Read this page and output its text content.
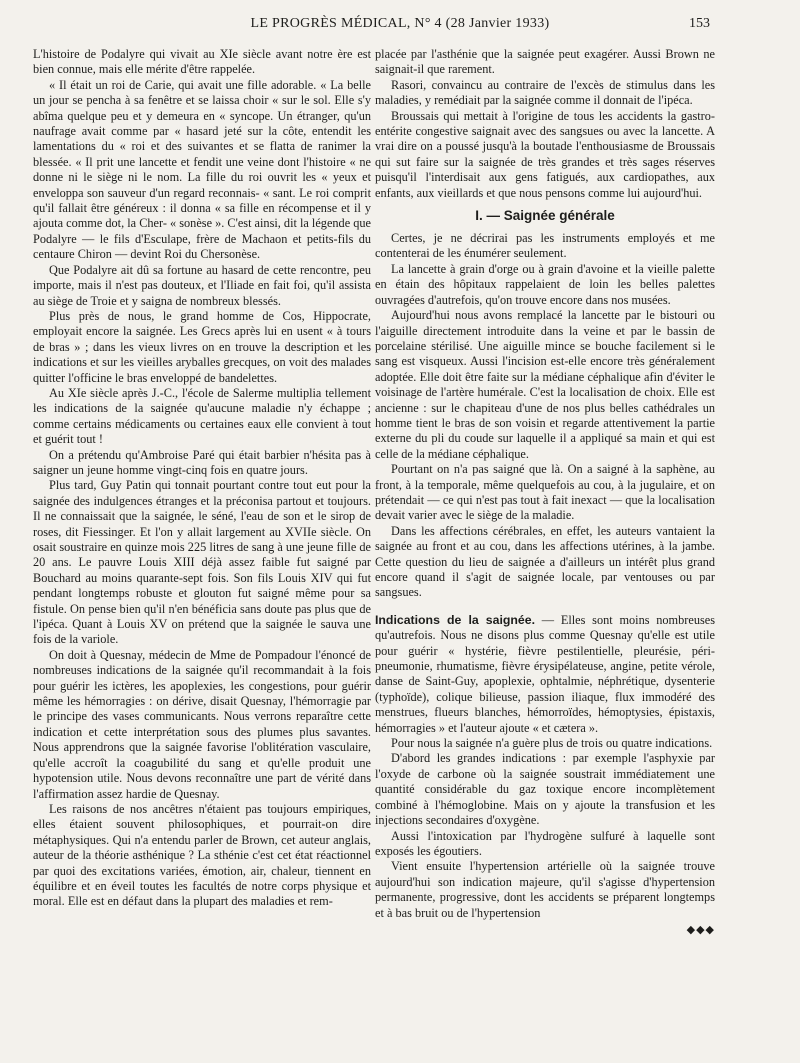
LE PROGRÈS MÉDICAL, N° 4 (28 Janvier 1933)	153

L'histoire de Podalyre qui vivait au XIe siècle avant notre ère est bien connue, mais elle mérite d'être rappelée.

« Il était un roi de Carie, qui avait une fille adorable. « La belle un jour se pencha à sa fenêtre et se laissa choir « sur le sol. Elle s'y abîma quelque peu et y demeura en « syncope. Un étranger, qu'un naufrage avait comme par « hasard jeté sur la côte, entendit les lamentations du « roi et des suivantes et se flatta de ranimer la blessée. « Il prit une lancette et fendit une veine dont l'histoire « ne donne ni le siège ni le nom. La fille du roi ouvrit les « yeux et enveloppa son sauveur d'un regard reconnais- « sant. Le roi comprit qu'il fallait être généreux : il donna « sa fille en récompense et il y ajouta comme dot, la Cher- « sonèse ». C'est ainsi, dit la légende que Podalyre — le fils d'Esculape, frère de Machaon et petits-fils du centaure Chiron — devint Roi du Chersonèse.

Que Podalyre ait dû sa fortune au hasard de cette rencontre, peu importe, mais il n'est pas douteux, et l'Iliade en fait foi, qu'il assista au siège de Troie et y saigna de nombreux blessés.

Plus près de nous, le grand homme de Cos, Hippocrate, employait encore la saignée. Les Grecs après lui en usent « à tours de bras » ; dans les vieux livres on en trouve la description et les indications et sur les vieilles aryballes grecques, on voit des malades quitter l'officine le bras enveloppé de bandelettes.

Au XIe siècle après J.-C., l'école de Salerme multiplia tellement les indications de la saignée qu'aucune maladie n'y échappe ; comme certains médicaments ou certaines eaux elle convient à tout et guérit tout !

On a prétendu qu'Ambroise Paré qui était barbier n'hésita pas à saigner un jeune homme vingt-cinq fois en quatre jours.

Plus tard, Guy Patin qui tonnait pourtant contre tout eut pour la saignée des indulgences étranges et la préconisa partout et toujours. Il ne connaissait que la saignée, le séné, l'eau de son et le sirop de roses, dit Fiessinger. Et l'on y allait largement au XVIIe siècle. On osait soustraire en quinze mois 225 litres de sang à une jeune fille de 20 ans. Le pauvre Louis XIII déjà assez faible fut saigné par Bouchard au moins quarante-sept fois. Son fils Louis XIV qui fut pendant longtemps robuste et glouton fut saigné même pour sa fistule. On pense bien qu'il n'en bénéficia sans doute pas plus que de l'ipéca. Quant à Louis XV on prétend que la saignée le sauva une fois de la variole.

On doit à Quesnay, médecin de Mme de Pompadour l'énoncé de nombreuses indications de la saignée qu'il recommandait à la fois pour guérir les ictères, les apoplexies, les congestions, pour guérir même les hémorragies : on dérive, disait Quesnay, l'hémorragie par le principe des vases communicants. Nous verrons reparaître cette indication et cette interprétation sous des plumes plus savantes. Nous apprendrons que la saignée favorise l'oblitération vasculaire, qu'elle accroît la coagubilité du sang et qu'elle produit une hypotension utile. Nous devons reconnaître une part de vérité dans l'affirmation assez hardie de Quesnay.

Les raisons de nos ancêtres n'étaient pas toujours empiriques, elles étaient souvent philosophiques, et pourrait-on dire métaphysiques. Qui n'a entendu parler de Brown, cet auteur anglais, auteur de la théorie asthénique ? La sthénie c'est cet état réactionnel par quoi des excitations variées, émotion, air, chaleur, tiennent en équilibre et en éveil toutes les facultés de notre corps physique et moral. Elle est en défaut dans la plupart des maladies et rem-

placée par l'asthénie que la saignée peut exagérer. Aussi Brown ne saignait-il que rarement.

Rasori, convaincu au contraire de l'excès de stimulus dans les maladies, y remédiait par la saignée comme il donnait de l'ipéca.

Broussais qui mettait à l'origine de tous les accidents la gastro-entérite congestive saignait avec des sangsues ou avec la lancette. A vrai dire on a poussé jusqu'à la boutade l'enthousiasme de Broussais qui sut faire sur la saignée de très grandes et très sages réserves puisqu'il l'interdisait aux gens fatigués, aux cardiopathes, aux enfants, aux vieillards et que nous pensons comme lui aujourd'hui.

I. — Saignée générale

Certes, je ne décrirai pas les instruments employés et me contenterai de les énumérer seulement.

La lancette à grain d'orge ou à grain d'avoine et la vieille palette en étain des hôpitaux rappelaient de loin les belles palettes ouvragées d'autrefois, qu'on trouve encore dans nos musées.

Aujourd'hui nous avons remplacé la lancette par le bistouri ou l'aiguille directement introduite dans la veine et par le bassin de porcelaine stérilisé. Une aiguille mince se bouche facilement si le sang est visqueux. Aussi l'incision est-elle encore très généralement adoptée. Elle doit être faite sur la médiane céphalique afin d'éviter le voisinage de l'artère humérale. C'est la localisation de choix. Elle est ancienne : sur le chapiteau d'une de nos plus belles cathédrales un homme tient le bras de son voisin et regarde attentivement la partie externe du pli du coude sur laquelle il a appliqué sa main et qui est celle de la médiane céphalique.

Pourtant on n'a pas saigné que là. On a saigné à la saphène, au front, à la temporale, même quelquefois au cou, à la jugulaire, et on prétendait — ce qui n'est pas tout à fait inexact — que la localisation devait varier avec le siège de la maladie.

Dans les affections cérébrales, en effet, les auteurs vantaient la saignée au front et au cou, dans les affections utérines, à la jambe. Cette question du lieu de saignée a d'ailleurs un intérêt plus grand encore quand il s'agit de saignée locale, par ventouses ou par sangsues.

Indications de la saignée. — Elles sont moins nombreuses qu'autrefois. Nous ne disons plus comme Quesnay qu'elle est utile pour guérir « hystérie, fièvre pestilentielle, pleurésie, péri-pneumonie, rhumatisme, fièvre érysipélateuse, angine, petite vérole, danse de Saint-Guy, apoplexie, ophtalmie, néphrétique, dysenterie (typhoïde), colique bilieuse, passion iliaque, flux immodéré des menstrues, flueurs blanches, hémorroïdes, hémoptysies, épistaxis, hémorragies » et l'auteur ajoute « et cætera ».

Pour nous la saignée n'a guère plus de trois ou quatre indications.

D'abord les grandes indications : par exemple l'asphyxie par l'oxyde de carbone où la saignée soustrait immédiatement une quantité considérable du gaz toxique encore incomplètement combiné à l'hémoglobine. Mais on y ajoute la transfusion et les injections secondaires d'oxygène.

Aussi l'intoxication par l'hydrogène sulfuré à laquelle sont exposés les égoutiers.

Vient ensuite l'hypertension artérielle où la saignée trouve aujourd'hui son indication majeure, qu'il s'agisse d'hypertension permanente, progressive, dont les accidents se préparent longtemps et à bas bruit ou de l'hypertension

◆◆◆
